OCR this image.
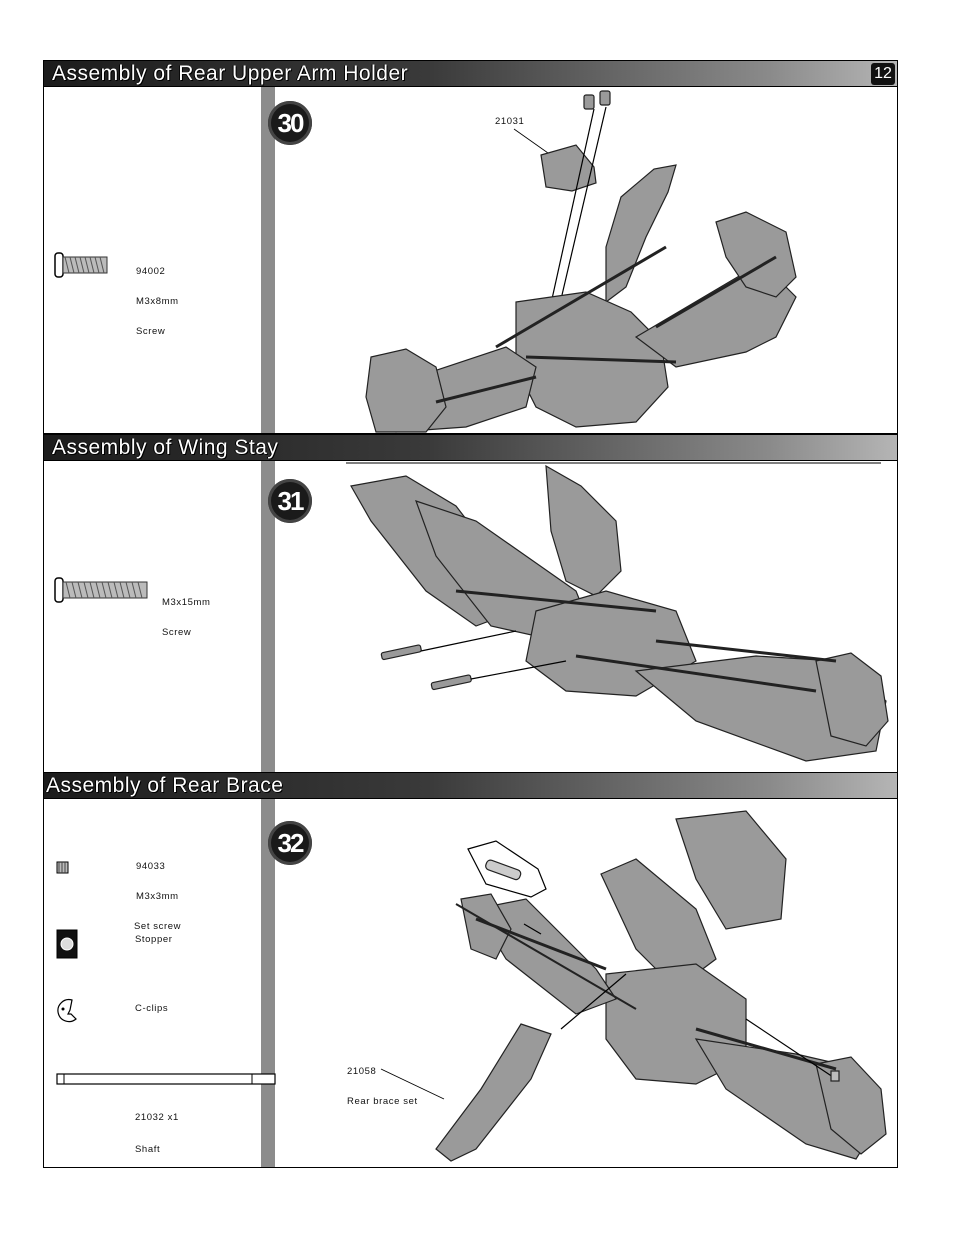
Assembly of Rear Upper Arm Holder	12

94002

M3x8mm

Screw

30	21031
Assembly of Wing Stay

M3x15mm

Screw

31
Assembly of Rear Brace

94033

M3x3mm

Set screw

Stopper
C-clips

21032 x1

Shaft

32

21058

Rear brace set
